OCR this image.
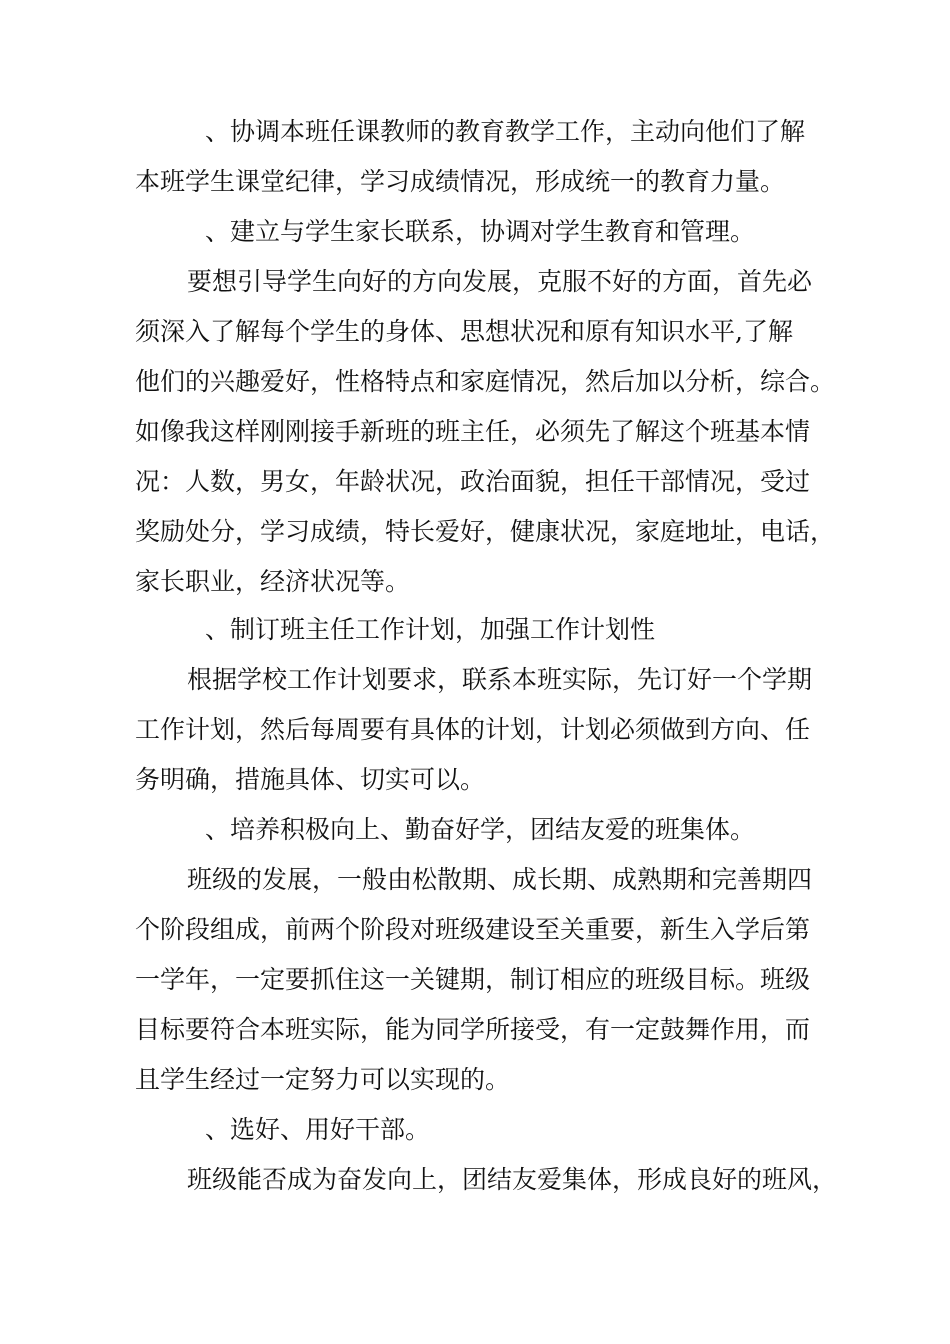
、协调本班任课教师的教育教学工作，主动向他们了解
本班学生课堂纪律，学习成绩情况，形成统一的教育力量。
、建立与学生家长联系，协调对学生教育和管理。
要想引导学生向好的方向发展，克服不好的方面，首先必
须深入了解每个学生的身体、思想状况和原有知识水平,了解
他们的兴趣爱好，性格特点和家庭情况，然后加以分析，综合。
如像我这样刚刚接手新班的班主任，必须先了解这个班基本情
况：人数，男女，年龄状况，政治面貌，担任干部情况，受过
奖励处分，学习成绩，特长爱好，健康状况，家庭地址，电话，
家长职业，经济状况等。
、制订班主任工作计划，加强工作计划性
根据学校工作计划要求，联系本班实际，先订好一个学期
工作计划，然后每周要有具体的计划，计划必须做到方向、任
务明确，措施具体、切实可以。
、培养积极向上、勤奋好学，团结友爱的班集体。
班级的发展，一般由松散期、成长期、成熟期和完善期四
个阶段组成，前两个阶段对班级建设至关重要，新生入学后第
一学年，一定要抓住这一关键期，制订相应的班级目标。班级
目标要符合本班实际，能为同学所接受，有一定鼓舞作用，而
且学生经过一定努力可以实现的。
、选好、用好干部。
班级能否成为奋发向上，团结友爱集体，形成良好的班风，
